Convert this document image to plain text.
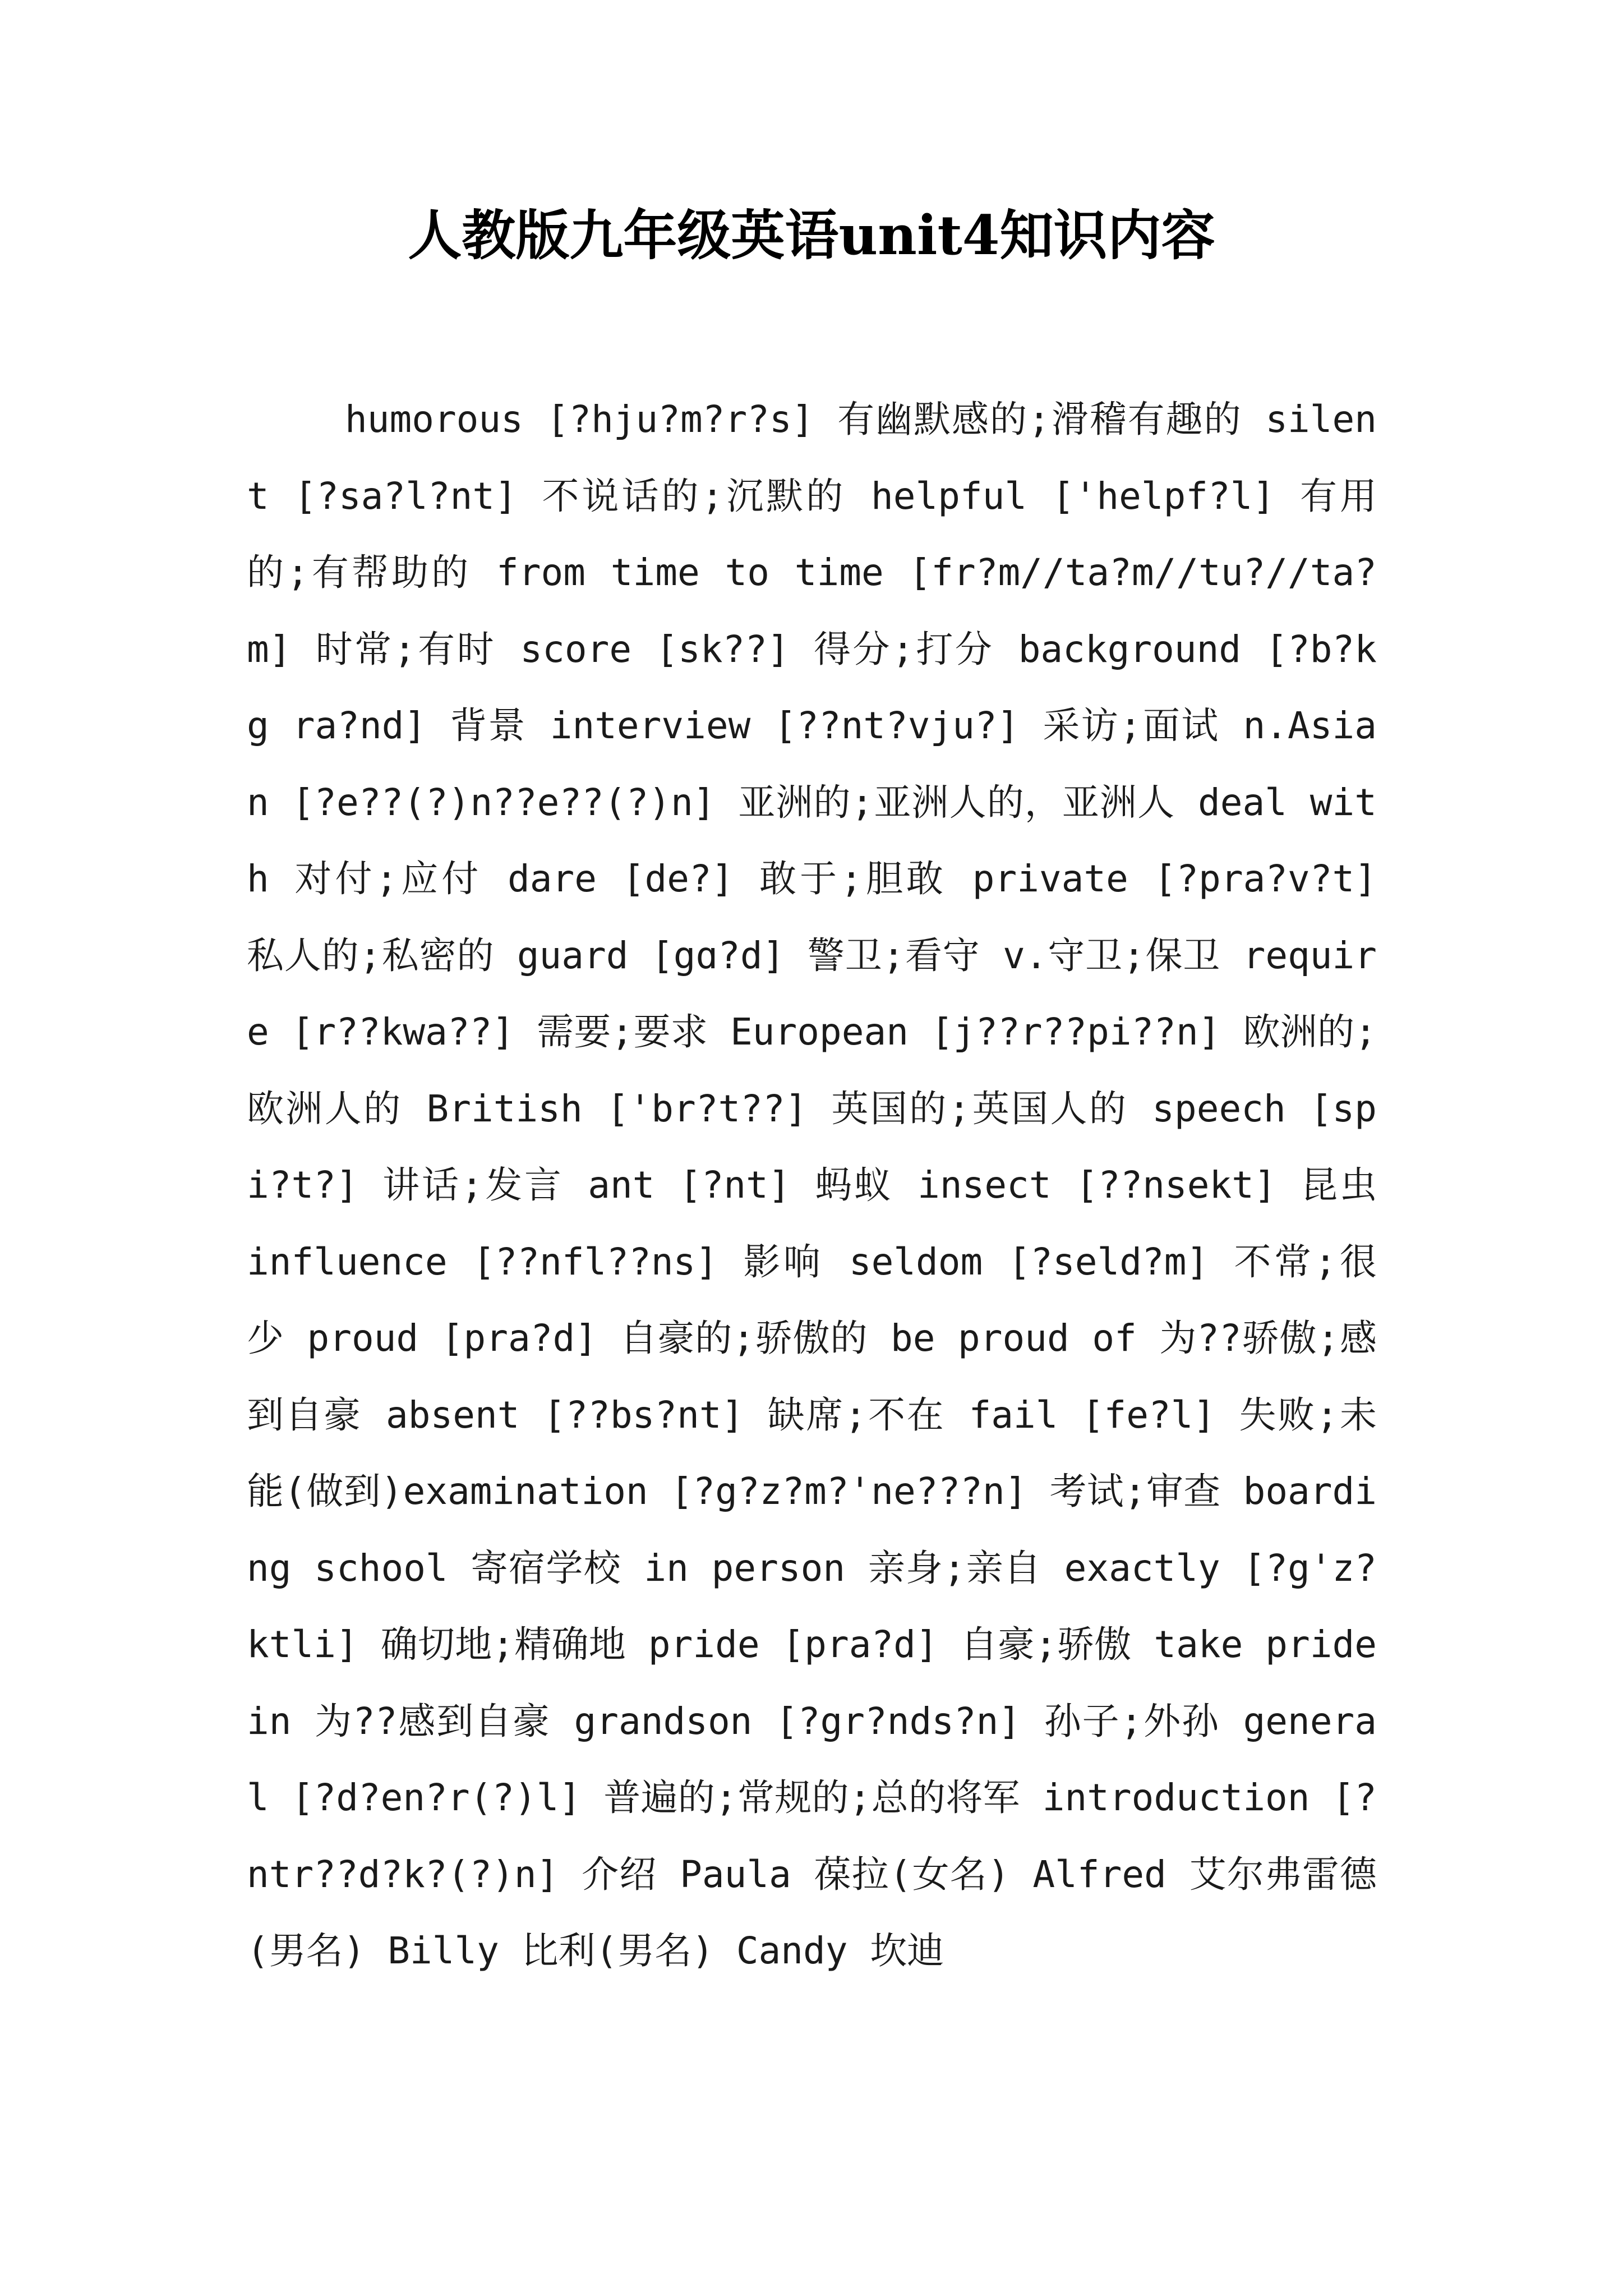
人教版九年级英语unit4知识内容

humorous [?hju?m?r?s] 有幽默感的;滑稽有趣的 silent [?sa?l?nt] 不说话的;沉默的 helpful ['helpf?l] 有用的;有帮助的 from time to time [fr?m//ta?m//tu?//ta?m] 时常;有时 score [sk??] 得分;打分 background [?b?k g ra?nd] 背景 interview [??nt?vju?] 采访;面试 n.Asian [?e??(?)n??e??(?)n] 亚洲的;亚洲人的，亚洲人 deal with 对付;应付 dare [de?] 敢于;胆敢 private [?pra?v?t] 私人的;私密的 guard [gɑ?d] 警卫;看守 v.守卫;保卫 require [r??kwa??] 需要;要求 European [j??r??pi??n] 欧洲的;欧洲人的 British ['br?t??] 英国的;英国人的 speech [spi?t?] 讲话;发言 ant [?nt] 蚂蚁 insect [??nsekt] 昆虫 influence [??nfl??ns] 影响 seldom [?seld?m] 不常;很少 proud [pra?d] 自豪的;骄傲的 be proud of 为??骄傲;感到自豪 absent [??bs?nt] 缺席;不在 fail [fe?l] 失败;未能(做到)examination [?g?z?m?'ne???n] 考试;审查 boarding school 寄宿学校 in person 亲身;亲自 exactly [?g'z?ktli] 确切地;精确地 pride [pra?d] 自豪;骄傲 take pride in 为??感到自豪 grandson [?gr?nds?n] 孙子;外孙 general [?d?en?r(?)l] 普遍的;常规的;总的将军 introduction [?ntr??d?k?(?)n] 介绍 Paula 葆拉(女名) Alfred 艾尔弗雷德(男名) Billy 比利(男名) Candy 坎迪
